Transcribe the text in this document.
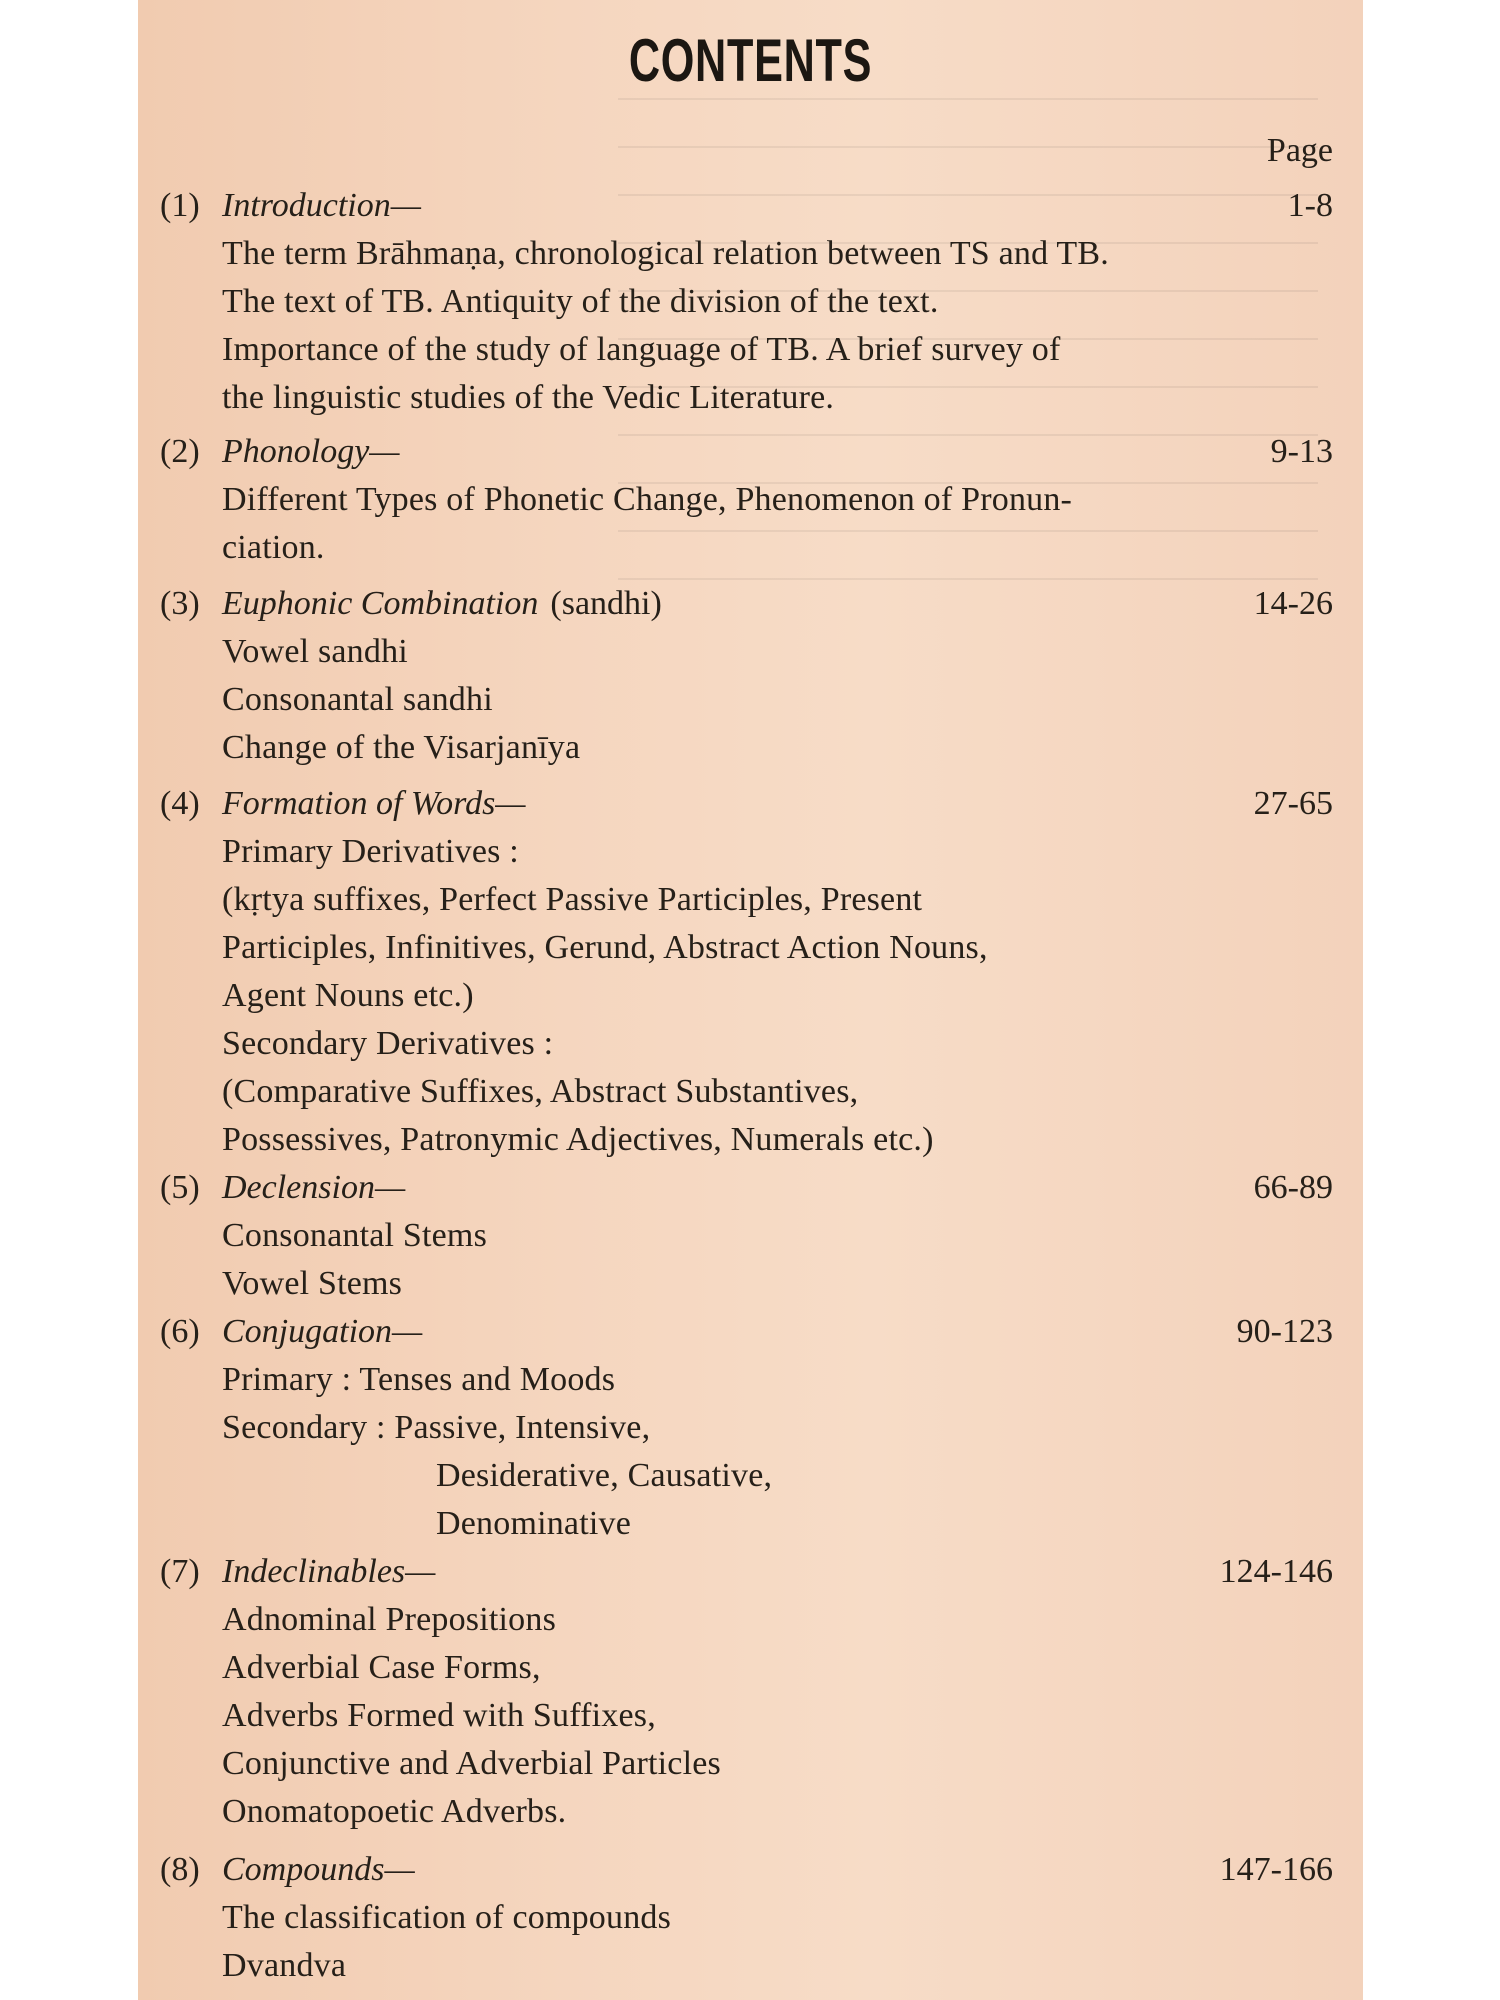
CONTENTS
Page
(1) Introduction—	1-8
The term Brāhmaṇa, chronological relation between TS and TB.
The text of TB. Antiquity of the division of the text.
Importance of the study of language of TB. A brief survey of
the linguistic studies of the Vedic Literature.
(2) Phonology—	9-13
Different Types of Phonetic Change, Phenomenon of Pronun-
ciation.
(3) Euphonic Combination (sandhi)	14-26
Vowel sandhi
Consonantal sandhi
Change of the Visarjanīya
(4) Formation of Words—	27-65
Primary Derivatives :
(kṛtya suffixes, Perfect Passive Participles, Present
Participles, Infinitives, Gerund, Abstract Action Nouns,
Agent Nouns etc.)
Secondary Derivatives :
(Comparative Suffixes, Abstract Substantives,
Possessives, Patronymic Adjectives, Numerals etc.)
(5) Declension—	66-89
Consonantal Stems
Vowel Stems
(6) Conjugation—	90-123
Primary : Tenses and Moods
Secondary : Passive, Intensive,
Desiderative, Causative,
Denominative
(7) Indeclinables—	124-146
Adnominal Prepositions
Adverbial Case Forms,
Adverbs Formed with Suffixes,
Conjunctive and Adverbial Particles
Onomatopoetic Adverbs.
(8) Compounds—	147-166
The classification of compounds
Dvandva
